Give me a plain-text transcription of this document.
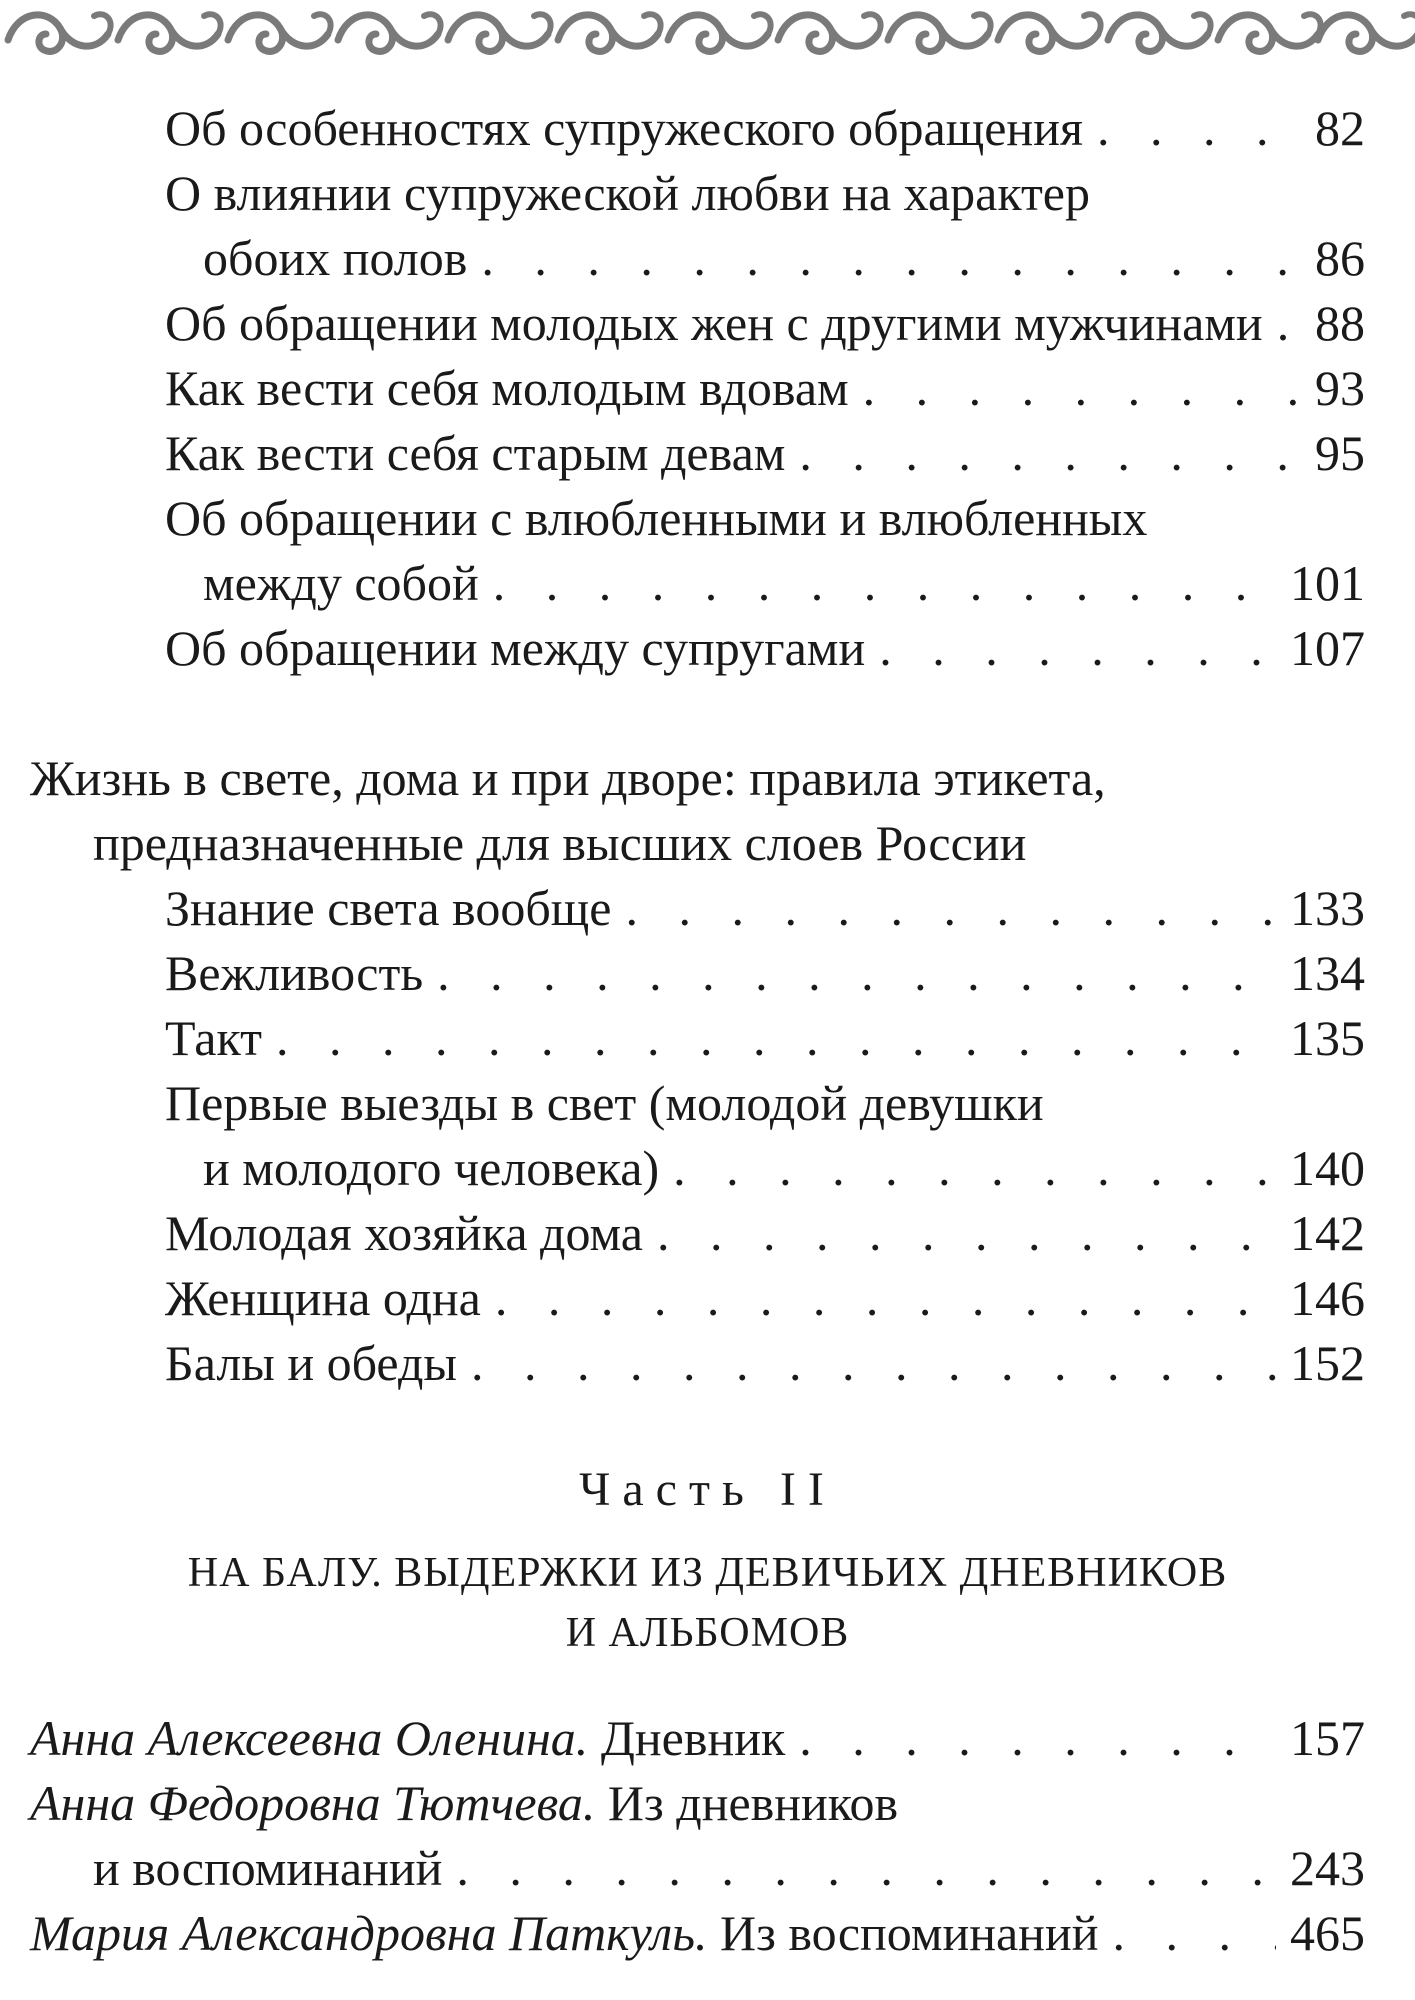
Об особенностях супружеского обращения . . .	82
О влиянии супружеской любви на характер
обоих полов . . .	86
Об обращении молодых жен с другими мужчинами . . . 88
Как вести себя молодым вдовам . . .	93
Как вести себя старым девам . . .	95
Об обращении с влюбленными и влюбленных
между собой . . .	101
Об обращении между супругами . . .	107
Жизнь в свете, дома и при дворе: правила этикета,
предназначенные для высших слоев России
Знание света вообще . . .	133
Вежливость . . .	134
Такт . . .	135
Первые выезды в свет (молодой девушки
и молодого человека) . . .	140
Молодая хозяйка дома . . .	142
Женщина одна . . .	146
Балы и обеды . . .	152
Часть II
НА БАЛУ. ВЫДЕРЖКИ ИЗ ДЕВИЧЬИХ ДНЕВНИКОВ
И АЛЬБОМОВ
Анна Алексеевна Оленина. Дневник . . .	157
Анна Федоровна Тютчева. Из дневников
и воспоминаний . . .	243
Мария Александровна Паткуль. Из воспоминаний . . .	465
